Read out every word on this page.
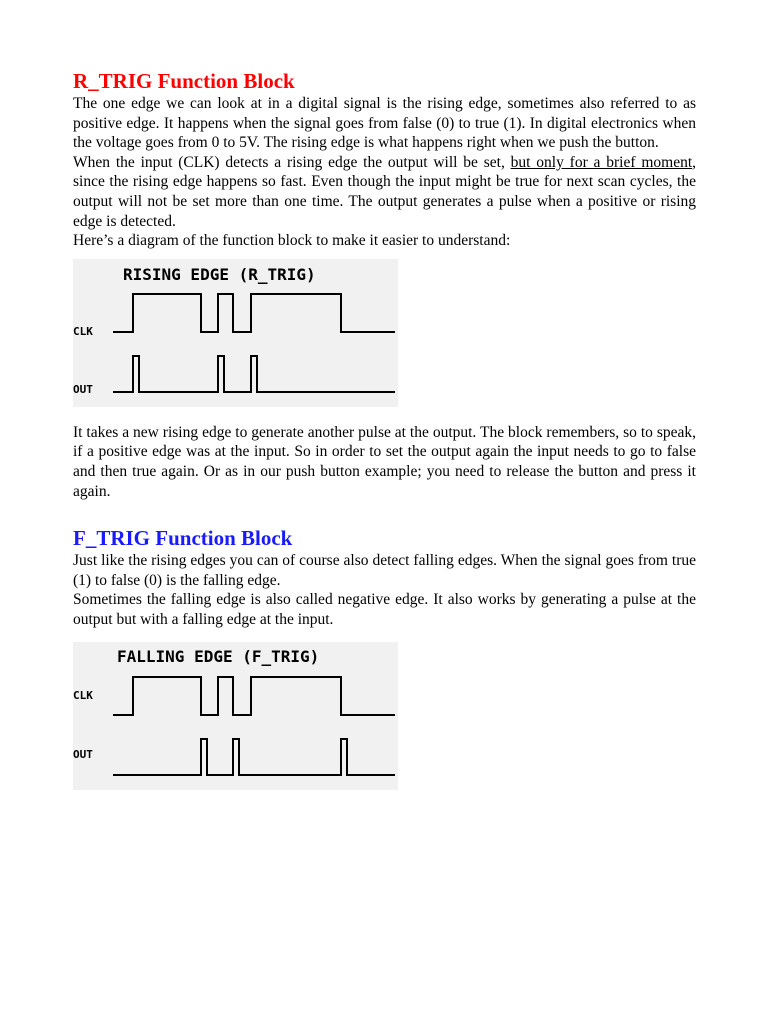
R_TRIG Function Block

The one edge we can look at in a digital signal is the rising edge, sometimes also referred to as positive edge. It happens when the signal goes from false (0) to true (1). In digital electronics when the voltage goes from 0 to 5V. The rising edge is what happens right when we push the button.

When the input (CLK) detects a rising edge the output will be set, but only for a brief moment, since the rising edge happens so fast. Even though the input might be true for next scan cycles, the output will not be set more than one time. The output generates a pulse when a positive or rising edge is detected.

Here’s a diagram of the function block to make it easier to understand:

RISING EDGE (R_TRIG)
CLK
OUT

It takes a new rising edge to generate another pulse at the output. The block remembers, so to speak, if a positive edge was at the input. So in order to set the output again the input needs to go to false and then true again. Or as in our push button example; you need to release the button and press it again.

F_TRIG Function Block

Just like the rising edges you can of course also detect falling edges. When the signal goes from true (1) to false (0) is the falling edge.

Sometimes the falling edge is also called negative edge. It also works by generating a pulse at the output but with a falling edge at the input.

FALLING EDGE (F_TRIG)
CLK
OUT
